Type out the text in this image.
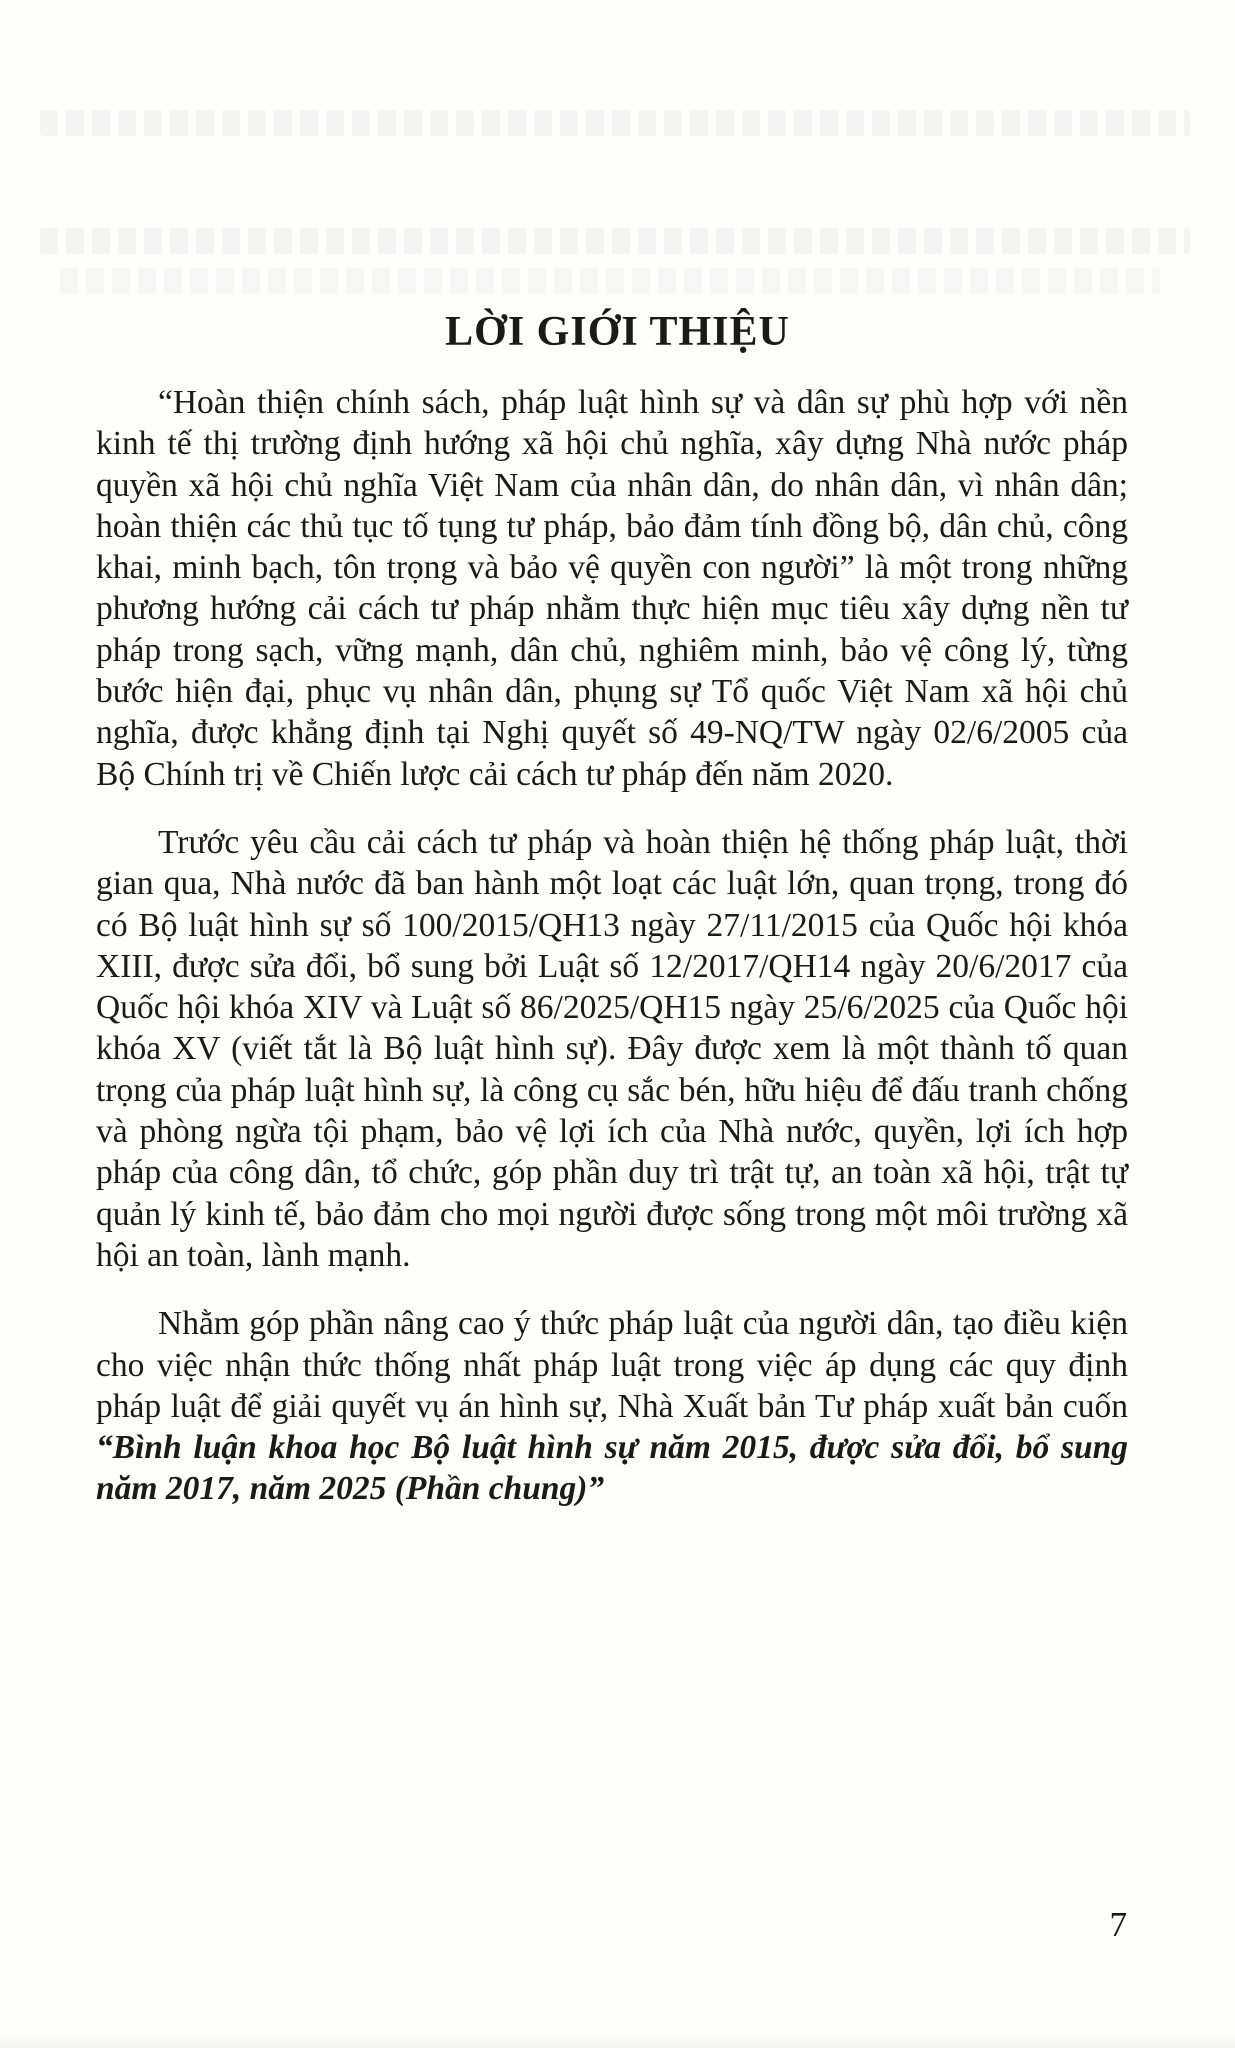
LỜI GIỚI THIỆU

“Hoàn thiện chính sách, pháp luật hình sự và dân sự phù hợp với nền kinh tế thị trường định hướng xã hội chủ nghĩa, xây dựng Nhà nước pháp quyền xã hội chủ nghĩa Việt Nam của nhân dân, do nhân dân, vì nhân dân; hoàn thiện các thủ tục tố tụng tư pháp, bảo đảm tính đồng bộ, dân chủ, công khai, minh bạch, tôn trọng và bảo vệ quyền con người” là một trong những phương hướng cải cách tư pháp nhằm thực hiện mục tiêu xây dựng nền tư pháp trong sạch, vững mạnh, dân chủ, nghiêm minh, bảo vệ công lý, từng bước hiện đại, phục vụ nhân dân, phụng sự Tổ quốc Việt Nam xã hội chủ nghĩa, được khẳng định tại Nghị quyết số 49-NQ/TW ngày 02/6/2005 của Bộ Chính trị về Chiến lược cải cách tư pháp đến năm 2020.

Trước yêu cầu cải cách tư pháp và hoàn thiện hệ thống pháp luật, thời gian qua, Nhà nước đã ban hành một loạt các luật lớn, quan trọng, trong đó có Bộ luật hình sự số 100/2015/QH13 ngày 27/11/2015 của Quốc hội khóa XIII, được sửa đổi, bổ sung bởi Luật số 12/2017/QH14 ngày 20/6/2017 của Quốc hội khóa XIV và Luật số 86/2025/QH15 ngày 25/6/2025 của Quốc hội khóa XV (viết tắt là Bộ luật hình sự). Đây được xem là một thành tố quan trọng của pháp luật hình sự, là công cụ sắc bén, hữu hiệu để đấu tranh chống và phòng ngừa tội phạm, bảo vệ lợi ích của Nhà nước, quyền, lợi ích hợp pháp của công dân, tổ chức, góp phần duy trì trật tự, an toàn xã hội, trật tự quản lý kinh tế, bảo đảm cho mọi người được sống trong một môi trường xã hội an toàn, lành mạnh.

Nhằm góp phần nâng cao ý thức pháp luật của người dân, tạo điều kiện cho việc nhận thức thống nhất pháp luật trong việc áp dụng các quy định pháp luật để giải quyết vụ án hình sự, Nhà Xuất bản Tư pháp xuất bản cuốn “Bình luận khoa học Bộ luật hình sự năm 2015, được sửa đổi, bổ sung năm 2017, năm 2025 (Phần chung)”

7
